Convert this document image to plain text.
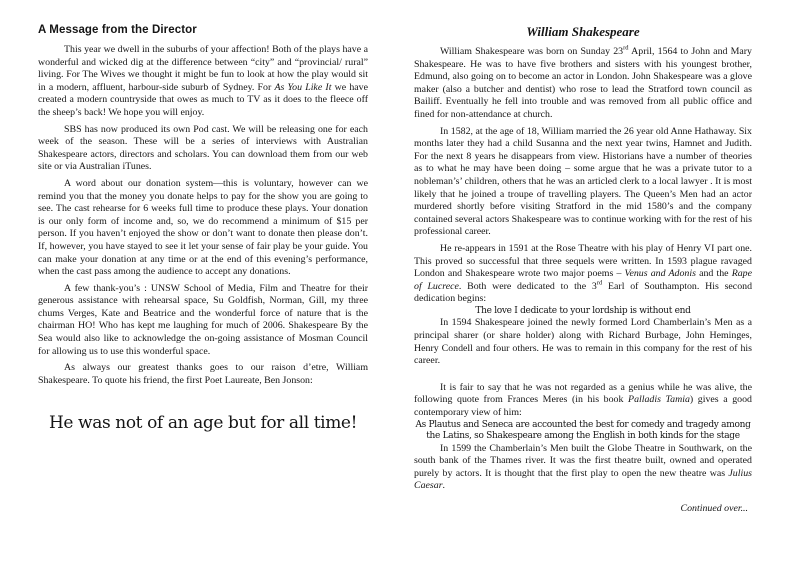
A Message from the Director

This year we dwell in the suburbs of your affection! Both of the plays have a wonderful and wicked dig at the difference between “city” and “provincial/ rural” living. For The Wives we thought it might be fun to look at how the play would sit in a modern, affluent, harbour-side suburb of Sydney. For As You Like It we have created a modern countryside that owes as much to TV as it does to the fleece off the sheep’s back! We hope you will enjoy.

SBS has now produced its own Pod cast. We will be releasing one for each week of the season. These will be a series of interviews with Australian Shakespeare actors, directors and scholars. You can download them from our web site or via Australian iTunes.

A word about our donation system—this is voluntary, however can we remind you that the money you donate helps to pay for the show you are going to see. The cast rehearse for 6 weeks full time to produce these plays. Your donation is our only form of income and, so, we do recommend a minimum of $15 per person. If you haven’t enjoyed the show or don’t want to donate then please don’t. If, however, you have stayed to see it let your sense of fair play be your guide. You can make your donation at any time or at the end of this evening’s performance, when the cast pass among the audience to accept any donations.

A few thank-you’s : UNSW School of Media, Film and Theatre for their generous assistance with rehearsal space, Su Goldfish, Norman, Gill, my three chums Verges, Kate and Beatrice and the wonderful force of nature that is the chairman HO! Who has kept me laughing for much of 2006. Shakespeare By the Sea would also like to acknowledge the on-going assistance of Mosman Council for allowing us to use this wonderful space.

As always our greatest thanks goes to our raison d’etre, William Shakespeare. To quote his friend, the first Poet Laureate, Ben Jonson:

He was not of an age but for all time!
William Shakespeare

William Shakespeare was born on Sunday 23rd April, 1564 to John and Mary Shakespeare. He was to have five brothers and sisters with his youngest brother, Edmund, also going on to become an actor in London. John Shakespeare was a glove maker (also a butcher and dentist) who rose to lead the Stratford town council as Bailiff. Eventually he fell into trouble and was removed from all public office and fined for non-attendance at church.

In 1582, at the age of 18, William married the 26 year old Anne Hathaway. Six months later they had a child Susanna and the next year twins, Hamnet and Judith. For the next 8 years he disappears from view. Historians have a number of theories as to what he may have been doing – some argue that he was a private tutor to a nobleman’s’ children, others that he was an articled clerk to a local lawyer . It is most likely that he joined a troupe of travelling players. The Queen’s Men had an actor murdered shortly before visiting Stratford in the mid 1580’s and the company contained several actors Shakespeare was to continue working with for the rest of his professional career.

He re-appears in 1591 at the Rose Theatre with his play of Henry VI part one. This proved so successful that three sequels were written. In 1593 plague ravaged London and Shakespeare wrote two major poems – Venus and Adonis and the Rape of Lucrece. Both were dedicated to the 3rd Earl of Southampton. His second dedication begins:

The love I dedicate to your lordship is without end

In 1594 Shakespeare joined the newly formed Lord Chamberlain’s Men as a principal sharer (or share holder) along with Richard Burbage, John Heminges, Henry Condell and four others. He was to remain in this company for the rest of his career.

It is fair to say that he was not regarded as a genius while he was alive, the following quote from Frances Meres (in his book Palladis Tamia) gives a good contemporary view of him:

As Plautus and Seneca are accounted the best for comedy and tragedy among the Latins, so Shakespeare among the English in both kinds for the stage

In 1599 the Chamberlain’s Men built the Globe Theatre in Southwark, on the south bank of the Thames river. It was the first theatre built, owned and operated purely by actors. It is thought that the first play to open the new theatre was Julius Caesar.

Continued over...
